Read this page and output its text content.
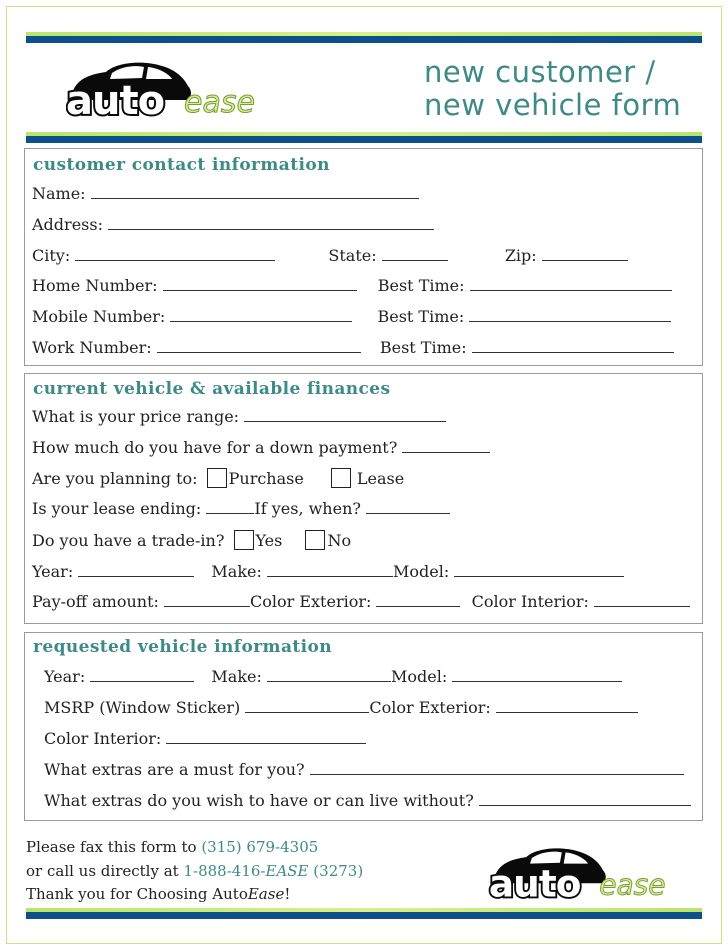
auto ease
new customer /
new vehicle form
customer contact information
Name:
Address:
City:	State:	Zip:
Home Number:	Best Time:
Mobile Number:	Best Time:
Work Number:	Best Time:
current vehicle & available finances
What is your price range:
How much do you have for a down payment?
Are you planning to: Purchase	Lease
Is your lease ending:	If yes, when?
Do you have a trade-in? Yes	No
Year:	Make:	Model:
Pay-off amount:	Color Exterior:	Color Interior:
requested vehicle information
Year:	Make:	Model:
MSRP (Window Sticker)	Color Exterior:
Color Interior:
What extras are a must for you?
What extras do you wish to have or can live without?
Please fax this form to (315) 679-4305
or call us directly at 1-888-416-EASE (3273)
Thank you for Choosing AutoEase!	auto ease
